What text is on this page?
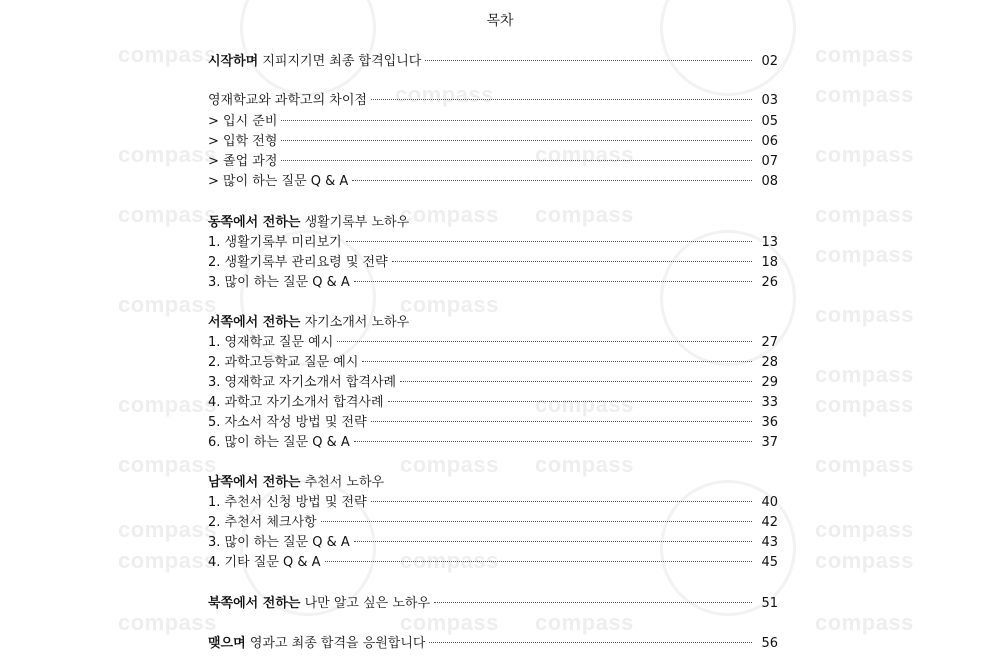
compass
compass
compass
compass
compass
compass
compass
compass
compass
compass
compass
compass
compass
compass
compass
compass
compass
compass
compass
compass
compass
compass
compass
compass
compass
compass
compass
compass
compass
compass
compass
compass
목차
시작하며 지피지기면 최종 합격입니다	02
영재학교와 과학고의 차이점	03
> 입시 준비	05
> 입학 전형	06
> 졸업 과정	07
> 많이 하는 질문 Q & A	08
동쪽에서 전하는 생활기록부 노하우
1. 생활기록부 미리보기	13
2. 생활기록부 관리요령 및 전략	18
3. 많이 하는 질문 Q & A	26
서쪽에서 전하는 자기소개서 노하우
1. 영재학교 질문 예시	27
2. 과학고등학교 질문 예시	28
3. 영재학교 자기소개서 합격사례	29
4. 과학고 자기소개서 합격사례	33
5. 자소서 작성 방법 및 전략	36
6. 많이 하는 질문 Q & A	37
남쪽에서 전하는 추천서 노하우
1. 추천서 신청 방법 및 전략	40
2. 추천서 체크사항	42
3. 많이 하는 질문 Q & A	43
4. 기타 질문 Q & A	45
북쪽에서 전하는 나만 알고 싶은 노하우	51
맺으며 영과고 최종 합격을 응원합니다	56
